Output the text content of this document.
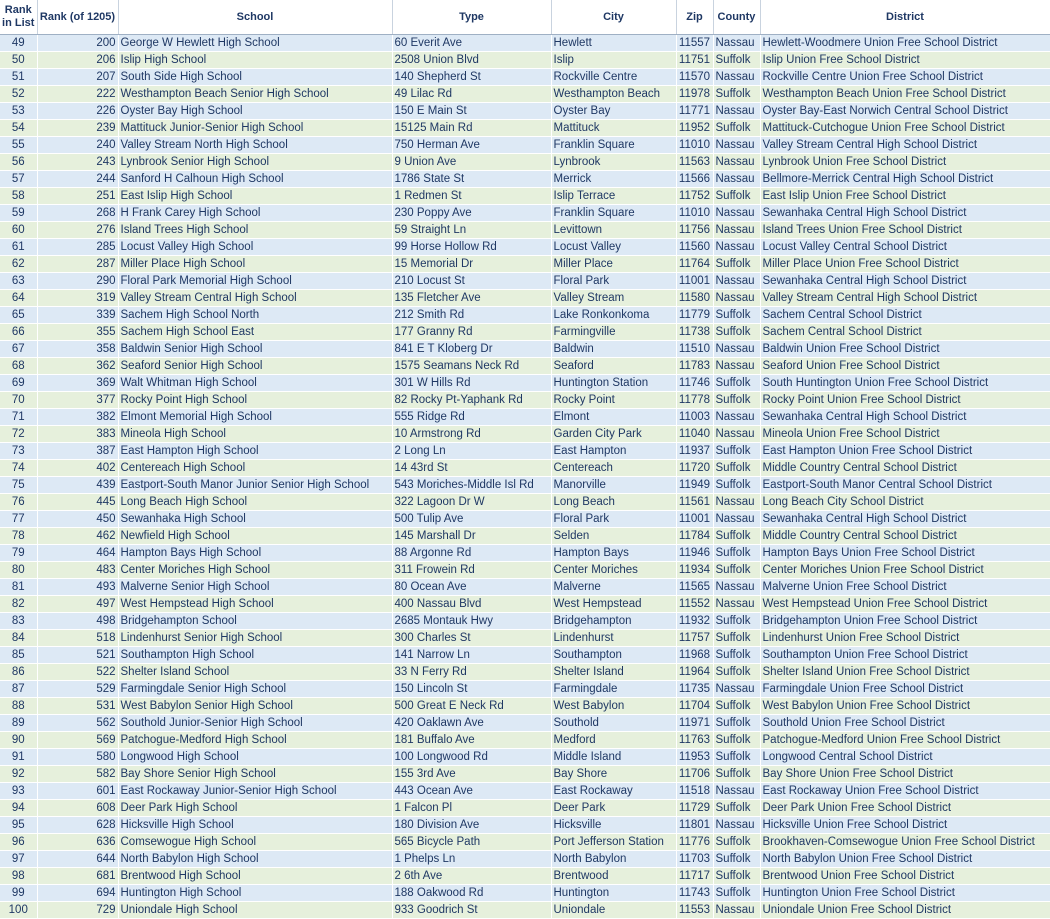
Rank in List	Rank (of 1205)	School	Type	City	Zip	County	District
49	200	George W Hewlett High School	60 Everit Ave	Hewlett	11557	Nassau	Hewlett-Woodmere Union Free School District
50	206	Islip High School	2508 Union Blvd	Islip	11751	Suffolk	Islip Union Free School District
51	207	South Side High School	140 Shepherd St	Rockville Centre	11570	Nassau	Rockville Centre Union Free School District
52	222	Westhampton Beach Senior High School	49 Lilac Rd	Westhampton Beach	11978	Suffolk	Westhampton Beach Union Free School District
53	226	Oyster Bay High School	150 E Main St	Oyster Bay	11771	Nassau	Oyster Bay-East Norwich Central School District
54	239	Mattituck Junior-Senior High School	15125 Main Rd	Mattituck	11952	Suffolk	Mattituck-Cutchogue Union Free School District
55	240	Valley Stream North High School	750 Herman Ave	Franklin Square	11010	Nassau	Valley Stream Central High School District
56	243	Lynbrook Senior High School	9 Union Ave	Lynbrook	11563	Nassau	Lynbrook Union Free School District
57	244	Sanford H Calhoun High School	1786 State St	Merrick	11566	Nassau	Bellmore-Merrick Central High School District
58	251	East Islip High School	1 Redmen St	Islip Terrace	11752	Suffolk	East Islip Union Free School District
59	268	H Frank Carey High School	230 Poppy Ave	Franklin Square	11010	Nassau	Sewanhaka Central High School District
60	276	Island Trees High School	59 Straight Ln	Levittown	11756	Nassau	Island Trees Union Free School District
61	285	Locust Valley High School	99 Horse Hollow Rd	Locust Valley	11560	Nassau	Locust Valley Central School District
62	287	Miller Place High School	15 Memorial Dr	Miller Place	11764	Suffolk	Miller Place Union Free School District
63	290	Floral Park Memorial High School	210 Locust St	Floral Park	11001	Nassau	Sewanhaka Central High School District
64	319	Valley Stream Central High School	135 Fletcher Ave	Valley Stream	11580	Nassau	Valley Stream Central High School District
65	339	Sachem High School North	212 Smith Rd	Lake Ronkonkoma	11779	Suffolk	Sachem Central School District
66	355	Sachem High School East	177 Granny Rd	Farmingville	11738	Suffolk	Sachem Central School District
67	358	Baldwin Senior High School	841 E T Kloberg Dr	Baldwin	11510	Nassau	Baldwin Union Free School District
68	362	Seaford Senior High School	1575 Seamans Neck Rd	Seaford	11783	Nassau	Seaford Union Free School District
69	369	Walt Whitman High School	301 W Hills Rd	Huntington Station	11746	Suffolk	South Huntington Union Free School District
70	377	Rocky Point High School	82 Rocky Pt-Yaphank Rd	Rocky Point	11778	Suffolk	Rocky Point Union Free School District
71	382	Elmont Memorial High School	555 Ridge Rd	Elmont	11003	Nassau	Sewanhaka Central High School District
72	383	Mineola High School	10 Armstrong Rd	Garden City Park	11040	Nassau	Mineola Union Free School District
73	387	East Hampton High School	2 Long Ln	East Hampton	11937	Suffolk	East Hampton Union Free School District
74	402	Centereach High School	14 43rd St	Centereach	11720	Suffolk	Middle Country Central School District
75	439	Eastport-South Manor Junior Senior High School	543 Moriches-Middle Isl Rd	Manorville	11949	Suffolk	Eastport-South Manor Central School District
76	445	Long Beach High School	322 Lagoon Dr W	Long Beach	11561	Nassau	Long Beach City School District
77	450	Sewanhaka High School	500 Tulip Ave	Floral Park	11001	Nassau	Sewanhaka Central High School District
78	462	Newfield High School	145 Marshall Dr	Selden	11784	Suffolk	Middle Country Central School District
79	464	Hampton Bays High School	88 Argonne Rd	Hampton Bays	11946	Suffolk	Hampton Bays Union Free School District
80	483	Center Moriches High School	311 Frowein Rd	Center Moriches	11934	Suffolk	Center Moriches Union Free School District
81	493	Malverne Senior High School	80 Ocean Ave	Malverne	11565	Nassau	Malverne Union Free School District
82	497	West Hempstead High School	400 Nassau Blvd	West Hempstead	11552	Nassau	West Hempstead Union Free School District
83	498	Bridgehampton School	2685 Montauk Hwy	Bridgehampton	11932	Suffolk	Bridgehampton Union Free School District
84	518	Lindenhurst Senior High School	300 Charles St	Lindenhurst	11757	Suffolk	Lindenhurst Union Free School District
85	521	Southampton High School	141 Narrow Ln	Southampton	11968	Suffolk	Southampton Union Free School District
86	522	Shelter Island School	33 N Ferry Rd	Shelter Island	11964	Suffolk	Shelter Island Union Free School District
87	529	Farmingdale Senior High School	150 Lincoln St	Farmingdale	11735	Nassau	Farmingdale Union Free School District
88	531	West Babylon Senior High School	500 Great E Neck Rd	West Babylon	11704	Suffolk	West Babylon Union Free School District
89	562	Southold Junior-Senior High School	420 Oaklawn Ave	Southold	11971	Suffolk	Southold Union Free School District
90	569	Patchogue-Medford High School	181 Buffalo Ave	Medford	11763	Suffolk	Patchogue-Medford Union Free School District
91	580	Longwood High School	100 Longwood Rd	Middle Island	11953	Suffolk	Longwood Central School District
92	582	Bay Shore Senior High School	155 3rd Ave	Bay Shore	11706	Suffolk	Bay Shore Union Free School District
93	601	East Rockaway Junior-Senior High School	443 Ocean Ave	East Rockaway	11518	Nassau	East Rockaway Union Free School District
94	608	Deer Park High School	1 Falcon Pl	Deer Park	11729	Suffolk	Deer Park Union Free School District
95	628	Hicksville High School	180 Division Ave	Hicksville	11801	Nassau	Hicksville Union Free School District
96	636	Comsewogue High School	565 Bicycle Path	Port Jefferson Station	11776	Suffolk	Brookhaven-Comsewogue Union Free School District
97	644	North Babylon High School	1 Phelps Ln	North Babylon	11703	Suffolk	North Babylon Union Free School District
98	681	Brentwood High School	2 6th Ave	Brentwood	11717	Suffolk	Brentwood Union Free School District
99	694	Huntington High School	188 Oakwood Rd	Huntington	11743	Suffolk	Huntington Union Free School District
100	729	Uniondale High School	933 Goodrich St	Uniondale	11553	Nassau	Uniondale Union Free School District
